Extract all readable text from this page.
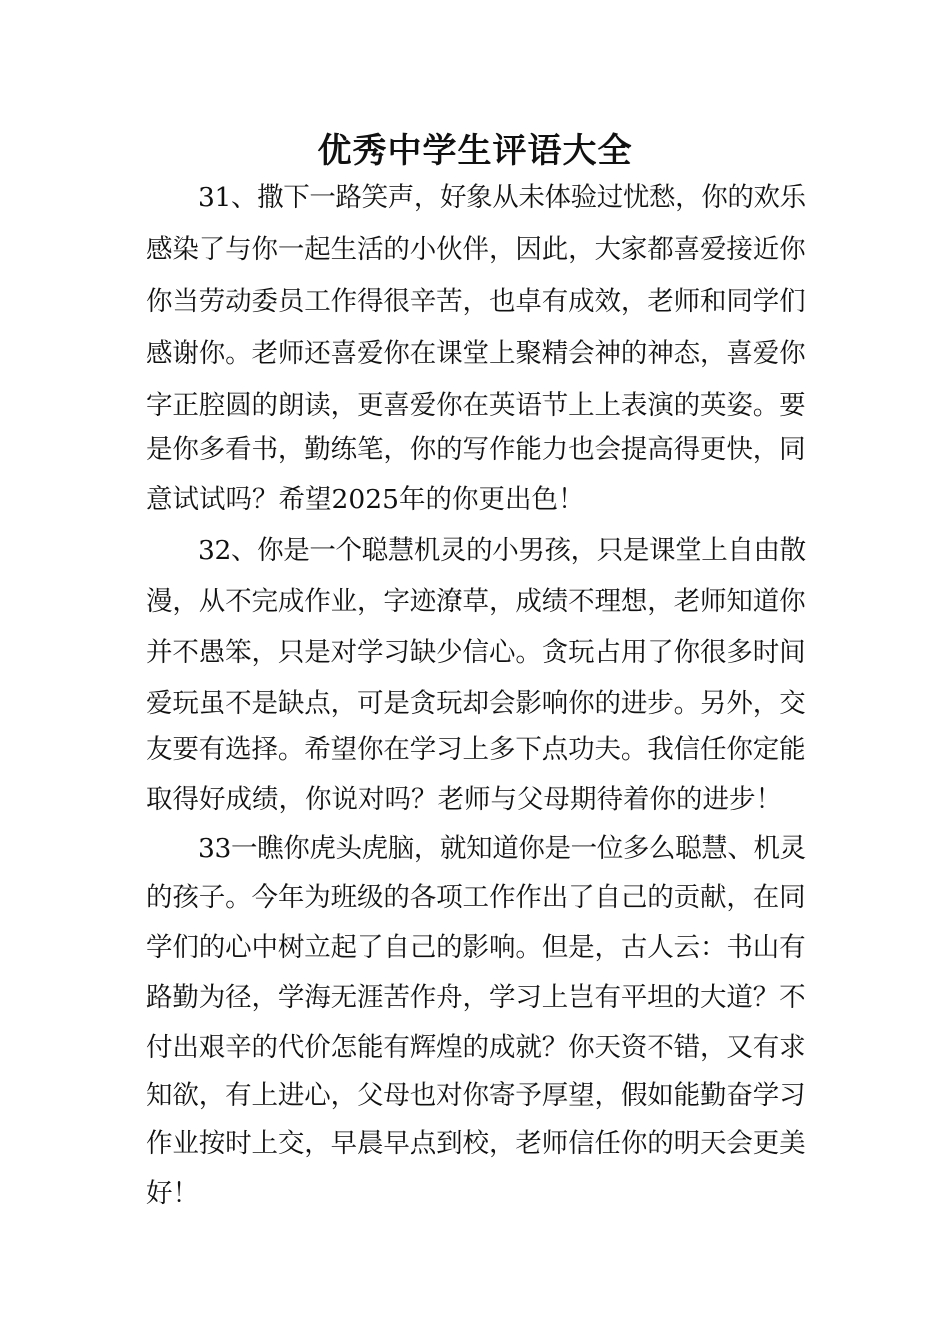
优秀中学生评语大全

31、撒下一路笑声，好象从未体验过忧愁，你的欢乐

感染了与你一起生活的小伙伴，因此，大家都喜爱接近你

你当劳动委员工作得很辛苦，也卓有成效，老师和同学们

感谢你。老师还喜爱你在课堂上聚精会神的神态，喜爱你

字正腔圆的朗读，更喜爱你在英语节上上表演的英姿。要

是你多看书，勤练笔，你的写作能力也会提高得更快，同

意试试吗？希望2025年的你更出色！

32、你是一个聪慧机灵的小男孩，只是课堂上自由散

漫，从不完成作业，字迹潦草，成绩不理想，老师知道你

并不愚笨，只是对学习缺少信心。贪玩占用了你很多时间

爱玩虽不是缺点，可是贪玩却会影响你的进步。另外，交

友要有选择。希望你在学习上多下点功夫。我信任你定能

取得好成绩，你说对吗？老师与父母期待着你的进步！

33一瞧你虎头虎脑，就知道你是一位多么聪慧、机灵

的孩子。今年为班级的各项工作作出了自己的贡献，在同

学们的心中树立起了自己的影响。但是，古人云：书山有

路勤为径，学海无涯苦作舟，学习上岂有平坦的大道？不

付出艰辛的代价怎能有辉煌的成就？你天资不错，又有求

知欲，有上进心，父母也对你寄予厚望，假如能勤奋学习

作业按时上交，早晨早点到校，老师信任你的明天会更美

好！
